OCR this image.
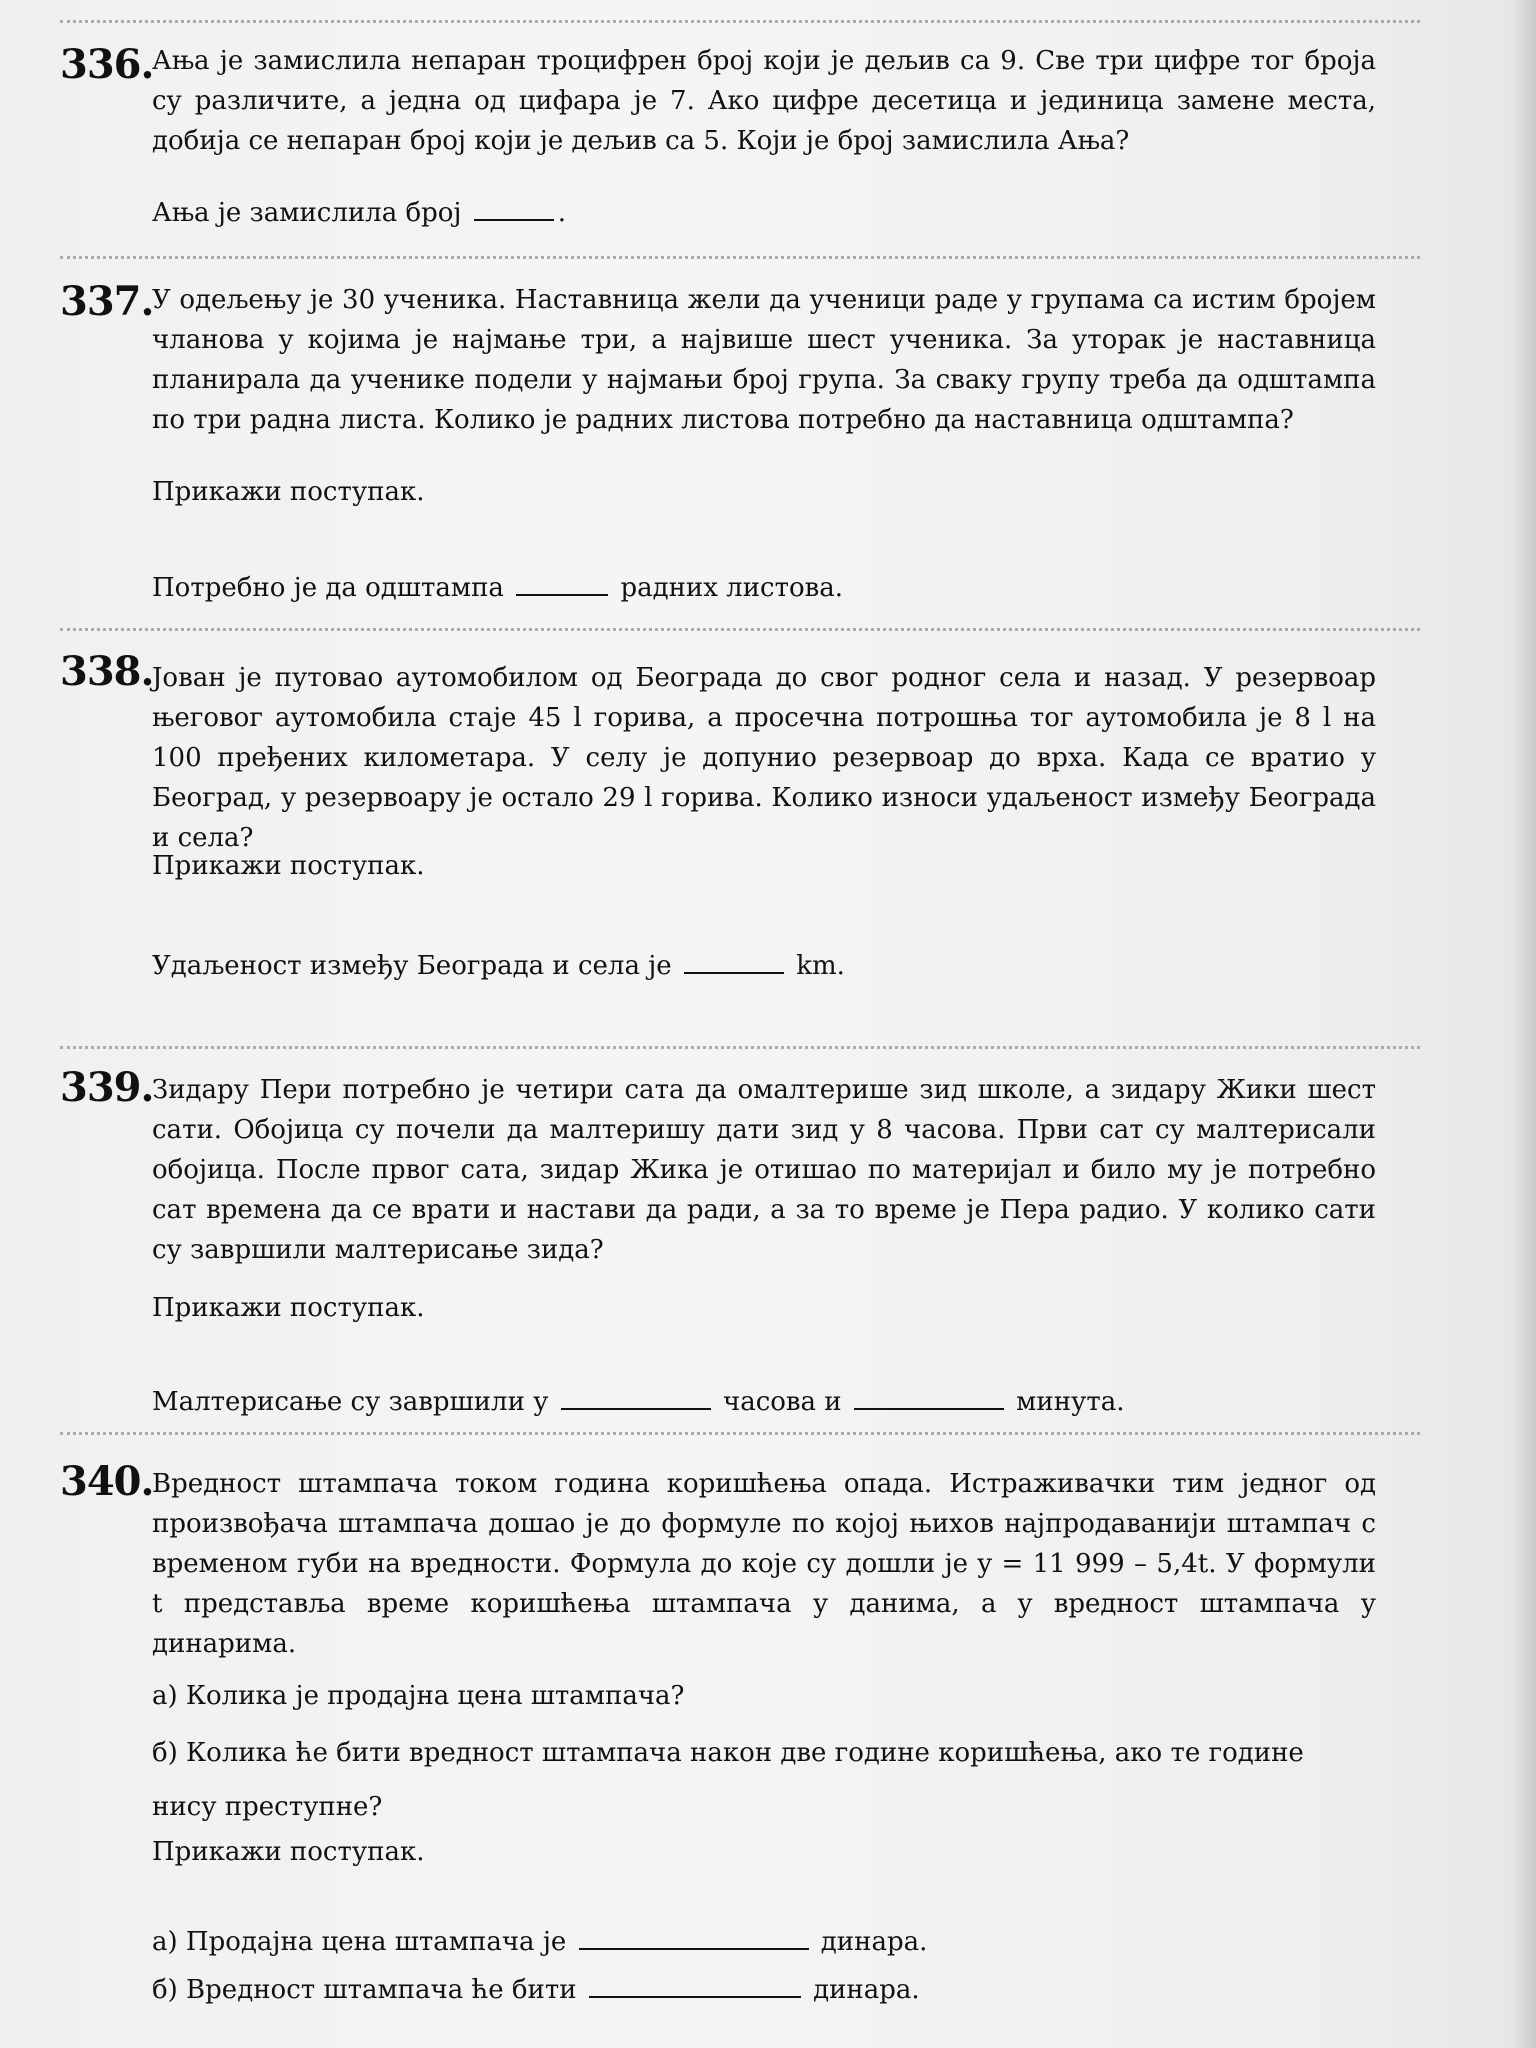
336.
Ања је замислила непаран троцифрен број који је дељив са 9. Све три цифре тог броја су различите, а једна од цифара је 7. Ако цифре десетица и јединица замене места, добија се непаран број који је дељив са 5. Који је број замислила Ања?
Ања је замислила број	.
337.
У одељењу је 30 ученика. Наставница жели да ученици раде у групама са истим бројем чланова у којима је најмање три, а највише шест ученика. За уторак је наставница планирала да ученике подели у најмањи број група. За сваку групу треба да одштампа по три радна листа. Колико је радних листова потребно да наставница одштампа?
Прикажи поступак.
Потребно је да одштампа	радних листова.
338.
Јован је путовао аутомобилом од Београда до свог родног села и назад. У резервоар његовог аутомобила стаје 45 l горива, а просечна потрошња тог аутомобила је 8 l на 100 пређених километара. У селу је допунио резервоар до врха. Када се вратио у Београд, у резервоару је остало 29 l горива. Колико износи удаљеност између Београда и села?
Прикажи поступак.
Удаљеност између Београда и села је	km.
339.
Зидару Пери потребно је четири сата да омалтерише зид школе, а зидару Жики шест сати. Обојица су почели да малтеришу дати зид у 8 часова. Први сат су малтерисали обојица. После првог сата, зидар Жика је отишао по материјал и било му је потребно сат времена да се врати и настави да ради, а за то време је Пера радио. У колико сати су завршили малтерисање зида?
Прикажи поступак.
Малтерисање су завршили у	часова и	минута.
340.
Вредност штампача током година коришћења опада. Истраживачки тим једног од произвођача штампача дошао је до формуле по којој њихов најпродаванији штампач с временом губи на вредности. Формула до које су дошли је y = 11 999 – 5,4t. У формули t представља време коришћења штампача у данима, а y вредност штампача у динарима.
а) Колика је продајна цена штампача?
б) Колика ће бити вредност штампача након две године коришћења, ако те године нису преступне?
Прикажи поступак.
а) Продајна цена штампача је	динара.
б) Вредност штампача ће бити	динара.
